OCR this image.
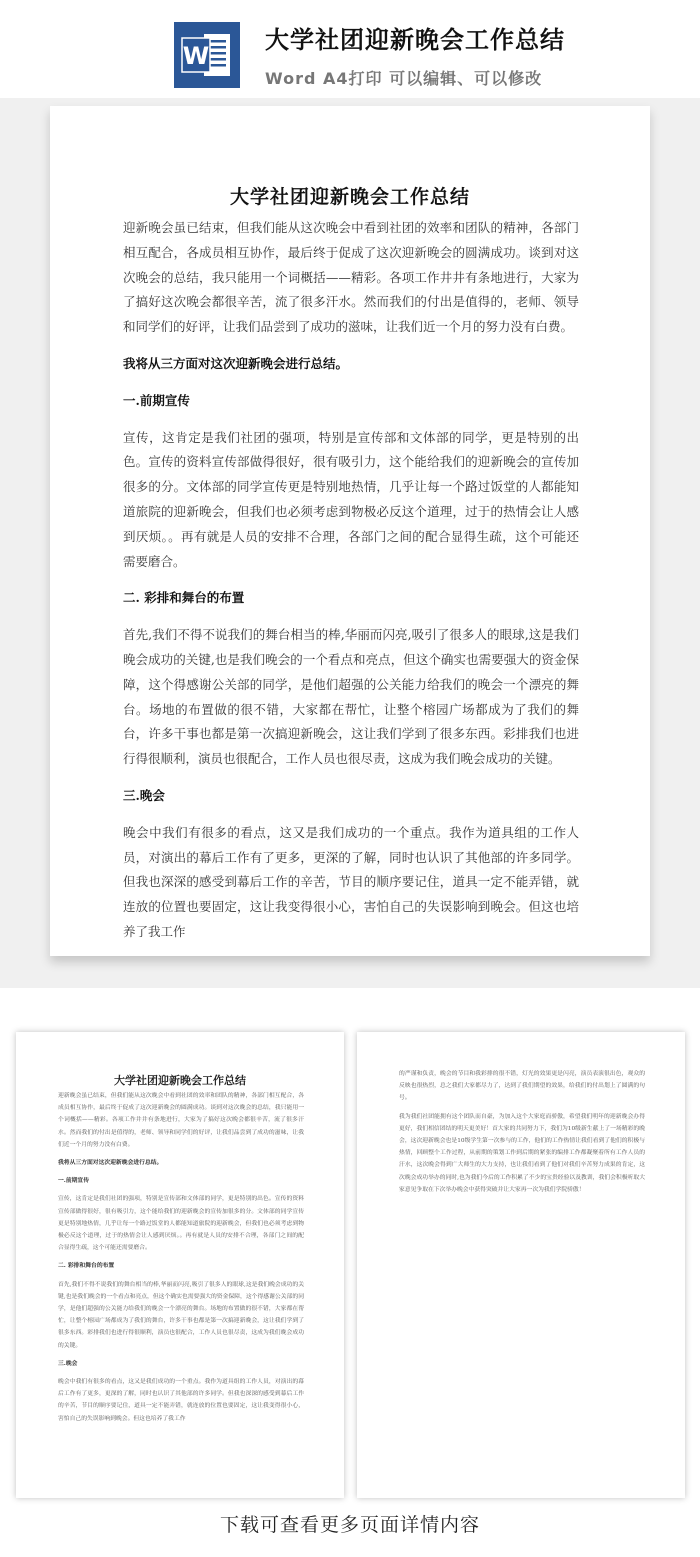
W
大学社团迎新晚会工作总结
Word A4打印 可以编辑、可以修改
大学社团迎新晚会工作总结

迎新晚会虽已结束，但我们能从这次晚会中看到社团的效率和团队的精神，各部门相互配合，各成员相互协作，最后终于促成了这次迎新晚会的圆满成功。谈到对这次晚会的总结，我只能用一个词概括——精彩。各项工作井井有条地进行，大家为了搞好这次晚会都很辛苦，流了很多汗水。然而我们的付出是值得的，老师、领导和同学们的好评，让我们品尝到了成功的滋味，让我们近一个月的努力没有白费。

我将从三方面对这次迎新晚会进行总结。

一.前期宣传

宣传，这肯定是我们社团的强项，特别是宣传部和文体部的同学，更是特别的出色。宣传的资料宣传部做得很好，很有吸引力，这个能给我们的迎新晚会的宣传加很多的分。文体部的同学宣传更是特别地热情，几乎让每一个路过饭堂的人都能知道旅院的迎新晚会，但我们也必须考虑到物极必反这个道理，过于的热情会让人感到厌烦。。再有就是人员的安排不合理，各部门之间的配合显得生疏，这个可能还需要磨合。

二. 彩排和舞台的布置

首先,我们不得不说我们的舞台相当的棒,华丽而闪亮,吸引了很多人的眼球,这是我们晚会成功的关键,也是我们晚会的一个看点和亮点，但这个确实也需要强大的资金保障，这个得感谢公关部的同学，是他们超强的公关能力给我们的晚会一个漂亮的舞台。场地的布置做的很不错，大家都在帮忙，让整个榕园广场都成为了我们的舞台，许多干事也都是第一次搞迎新晚会，这让我们学到了很多东西。彩排我们也进行得很顺利，演员也很配合，工作人员也很尽责，这成为我们晚会成功的关键。

三.晚会

晚会中我们有很多的看点，这又是我们成功的一个重点。我作为道具组的工作人员，对演出的幕后工作有了更多，更深的了解，同时也认识了其他部的许多同学。但我也深深的感受到幕后工作的辛苦，节目的顺序要记住，道具一定不能弄错，就连放的位置也要固定，这让我变得很小心，害怕自己的失误影响到晚会。但这也培养了我工作

大学社团迎新晚会工作总结

迎新晚会虽已结束，但我们能从这次晚会中看到社团的效率和团队的精神，各部门相互配合，各成员相互协作，最后终于促成了这次迎新晚会的圆满成功。谈到对这次晚会的总结，我只能用一个词概括——精彩。各项工作井井有条地进行，大家为了搞好这次晚会都很辛苦，流了很多汗水。然而我们的付出是值得的，老师、领导和同学们的好评，让我们品尝到了成功的滋味，让我们近一个月的努力没有白费。

我将从三方面对这次迎新晚会进行总结。

一.前期宣传

宣传，这肯定是我们社团的强项，特别是宣传部和文体部的同学，更是特别的出色。宣传的资料宣传部做得很好，很有吸引力，这个能给我们的迎新晚会的宣传加很多的分。文体部的同学宣传更是特别地热情，几乎让每一个路过饭堂的人都能知道旅院的迎新晚会，但我们也必须考虑到物极必反这个道理，过于的热情会让人感到厌烦。。再有就是人员的安排不合理，各部门之间的配合显得生疏，这个可能还需要磨合。

二. 彩排和舞台的布置

首先,我们不得不说我们的舞台相当的棒,华丽而闪亮,吸引了很多人的眼球,这是我们晚会成功的关键,也是我们晚会的一个看点和亮点，但这个确实也需要强大的资金保障，这个得感谢公关部的同学，是他们超强的公关能力给我们的晚会一个漂亮的舞台。场地的布置做的很不错，大家都在帮忙，让整个榕园广场都成为了我们的舞台，许多干事也都是第一次搞迎新晚会，这让我们学到了很多东西。彩排我们也进行得很顺利，演员也很配合，工作人员也很尽责，这成为我们晚会成功的关键。

三.晚会

晚会中我们有很多的看点，这又是我们成功的一个重点。我作为道具组的工作人员，对演出的幕后工作有了更多，更深的了解，同时也认识了其他部的许多同学。但我也深深的感受到幕后工作的辛苦，节目的顺序要记住，道具一定不能弄错，就连放的位置也要固定，这让我变得很小心，害怕自己的失误影响到晚会。但这也培养了我工作

的严谨和负责，晚会的节目和我彩排的很不错，灯光的效果更是闪亮，演员表演很出色，观众的反映也很热烈，总之我们大家都尽力了，达到了我们期望的效果，给我们的付出划上了圆满的句号。

我为我们社团能拥有这个团队而自豪，为加入这个大家庭而骄傲，希望我们明年的迎新晚会办得更好，我们相信团结的明天更美好！首大家的共同努力下，我们为10级新生献上了一场精彩的晚会，这次迎新晚会也是10级学生第一次参与的工作，他们的工作热情让我们看到了他们的积极与热情，回顾整个工作过程，从前期的策划工作到后期的紧张的编排工作都凝聚着所有工作人员的汗水，这次晚会得到广大师生的大力支持，也让我们看到了他们对我们辛苦努力成果的肯定，这次晚会成功举办的同时,也为我们今后的工作积累了不少的宝贵经验以及教训，我们会积极听取大家意见争取在下次举办晚会中获得突破并让大家再一次为我们学院骄傲！

下载可查看更多页面详情内容
